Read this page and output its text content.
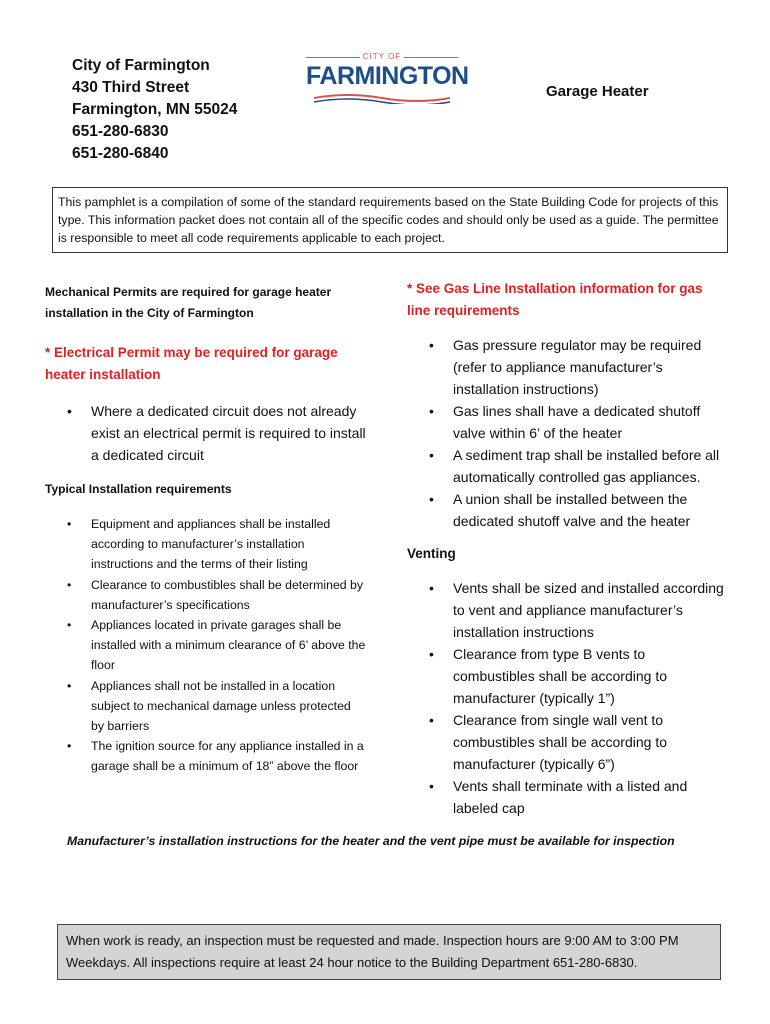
City of Farmington
430 Third Street
Farmington, MN 55024
651-280-6830
651-280-6840
CITY OF
FARMINGTON
Garage Heater
This pamphlet is a compilation of some of the standard requirements based on the State Building Code for projects of this type. This information packet does not contain all of the specific codes and should only be used as a guide. The permittee is responsible to meet all code requirements applicable to each project.
Mechanical Permits are required for garage heater installation in the City of Farmington
* Electrical Permit may be required for garage heater installation
• Where a dedicated circuit does not already exist an electrical permit is required to install a dedicated circuit
Typical Installation requirements
• Equipment and appliances shall be installed according to manufacturer’s installation instructions and the terms of their listing
• Clearance to combustibles shall be determined by manufacturer’s specifications
• Appliances located in private garages shall be installed with a minimum clearance of 6’ above the floor
• Appliances shall not be installed in a location subject to mechanical damage unless protected by barriers
• The ignition source for any appliance installed in a garage shall be a minimum of 18” above the floor
* See Gas Line Installation information for gas line requirements
• Gas pressure regulator may be required (refer to appliance manufacturer’s installation instructions)
• Gas lines shall have a dedicated shutoff valve within 6’ of the heater
• A sediment trap shall be installed before all automatically controlled gas appliances.
• A union shall be installed between the dedicated shutoff valve and the heater
Venting
• Vents shall be sized and installed according to vent and appliance manufacturer’s installation instructions
• Clearance from type B vents to combustibles shall be according to manufacturer (typically 1”)
• Clearance from single wall vent to combustibles shall be according to manufacturer (typically 6”)
• Vents shall terminate with a listed and labeled cap
Manufacturer’s installation instructions for the heater and the vent pipe must be available for inspection
When work is ready, an inspection must be requested and made. Inspection hours are 9:00 AM to 3:00 PM Weekdays. All inspections require at least 24 hour notice to the Building Department 651-280-6830.
